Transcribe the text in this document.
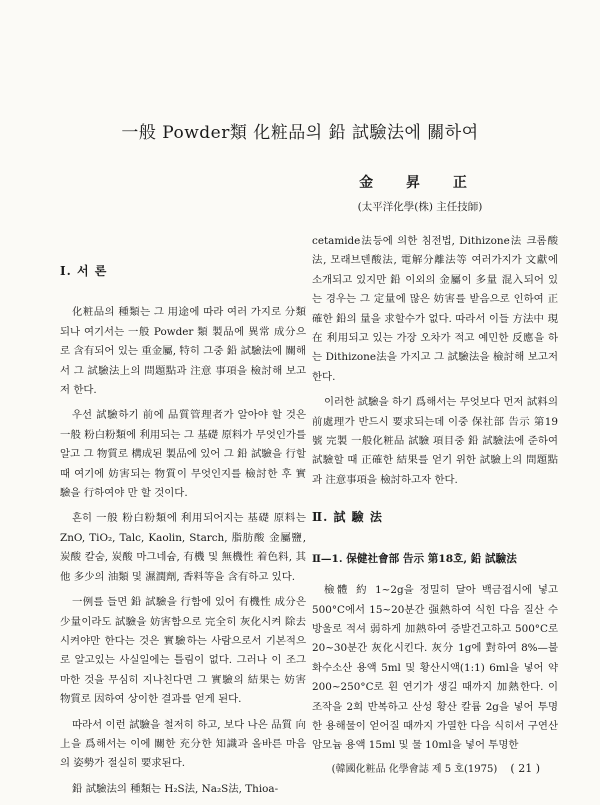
一般 Powder類 化粧品의 鉛 試驗法에 關하여
金 昇 正
(太平洋化學(株) 主任技師)
Ⅰ. 서 론

化粧品의 種類는 그 用途에 따라 여러 가지로 分類되나 여기서는 一般 Powder 類 製品에 異常 成分으로 含有되어 있는 重金屬, 特히 그중 鉛 試驗法에 關해서 그 試驗法上의 問題點과 注意 事項을 檢討해 보고저 한다.

우선 試驗하기 前에 品質管理者가 알아야 할 것은 一般 粉白粉類에 利用되는 그 基礎 原料가 무엇인가를 알고 그 物質로 構成된 製品에 있어 그 鉛 試驗을 行할 때 여기에 妨害되는 物質이 무엇인지를 檢討한 후 實驗을 行하여야 만 할 것이다.

흔히 一般 粉白粉類에 利用되어지는 基礎 原料는 ZnO, TiO₂, Talc, Kaolin, Starch, 脂肪酸 金屬鹽, 炭酸 칼숨, 炭酸 마그네슘, 有機 및 無機性 着色料, 其他 多少의 油類 및 濕潤劑, 香料等을 含有하고 있다.

一例를 들면 鉛 試驗을 行함에 있어 有機性 成分은 少量이라도 試驗을 妨害함으로 完全히 灰化시켜 除去 시켜야만 한다는 것은 實驗하는 사람으로서 기본적으로 알고있는 사실일에는 틀림이 없다. 그러나 이 조그마한 것을 무심히 지나친다면 그 實驗의 結果는 妨害物質로 因하여 상이한 결과를 얻게 된다.

따라서 이런 試驗을 철저히 하고, 보다 나은 品質 向上을 爲해서는 이에 關한 充分한 知識과 올바른 마음의 姿勢가 절실히 要求된다.

鉛 試驗法의 種類는 H₂S法, Na₂S法, Thioa-

cetamide法등에 의한 침전법, Dithizone法 크롬酸法, 모래브덴酸法, 電解分離法等 여러가지가 文獻에 소개되고 있지만 鉛 이외의 金屬이 多量 混入되어 있는 경우는 그 定量에 많은 妨害를 받음으로 인하여 正確한 鉛의 量을 求할수가 없다. 따라서 이들 方法中 現在 利用되고 있는 가장 오차가 적고 예민한 反應을 하는 Dithizone法을 가지고 그 試驗法을 檢討해 보고저 한다.

이러한 試驗을 하기 爲해서는 무엇보다 먼저 試料의 前處理가 반드시 要求되는데 이중 保社部 告示 第19號 完製 一般化粧品 試驗 項目중 鉛 試驗法에 준하여 試驗할 때 正確한 結果를 얻기 위한 試驗上의 問題點과 注意事項을 檢討하고자 한다.

Ⅱ. 試 驗 法
Ⅱ—1. 保健社會部 告示 第18호, 鉛 試驗法

檢體 約 1~2g을 정밀히 달아 백금접시에 넣고 500°C에서 15~20분간 强熱하여 식힌 다음 질산 수방울로 적셔 弱하게 加熱하여 증발건고하고 500°C로 20~30분간 灰化시킨다. 灰分 1g에 對하여 8%—불화수소산 용액 5ml 및 황산시액(1:1) 6ml을 넣어 약 200~250°C로 흰 연기가 생길 때까지 加熱한다. 이 조작을 2회 반복하고 산성 황산 칼륨 2g을 넣어 투명한 용해물이 얻어질 때까지 가열한 다음 식히서 구연산 암모늄 용액 15ml 및 물 10ml을 넣어 투명한

(韓國化粧品 化學會誌 제 5 호(1975) ( 21 )
